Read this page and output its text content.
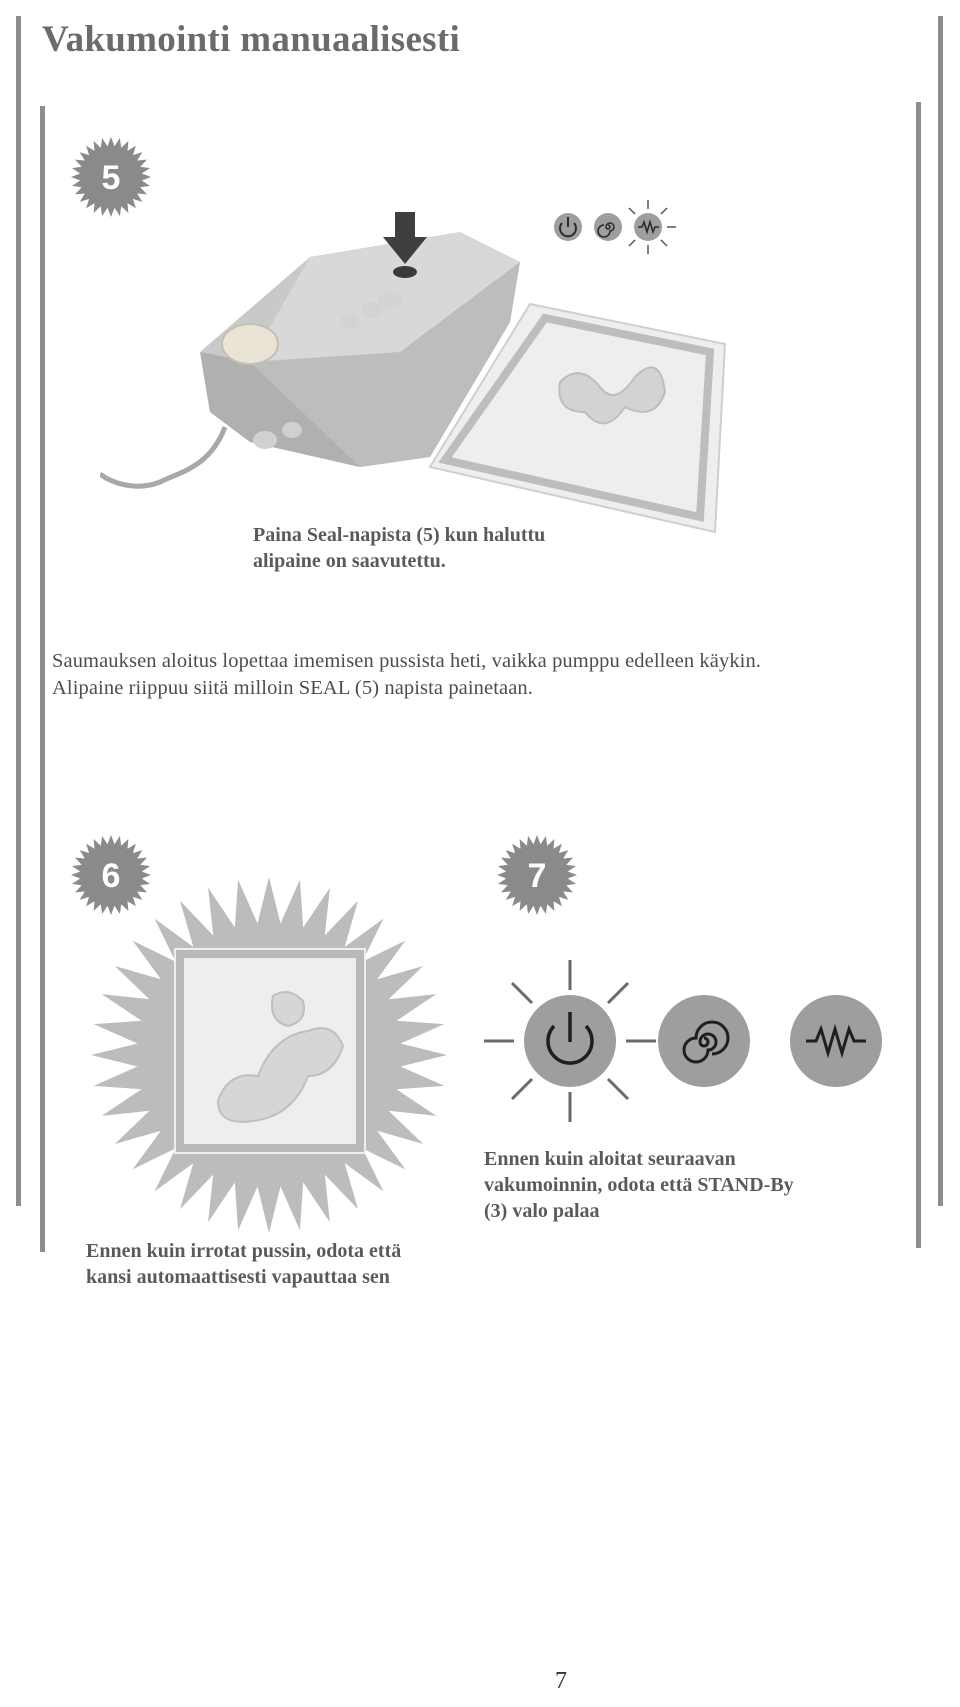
Vakumointi manuaalisesti
5
Paina Seal-napista (5) kun haluttu
alipaine on saavutettu.
Saumauksen aloitus lopettaa imemisen pussista heti, vaikka pumppu edelleen käykin.
Alipaine riippuu siitä milloin SEAL (5) napista painetaan.
6	7
Ennen kuin aloitat seuraavan
vakumoinnin, odota että STAND-By
(3) valo palaa
Ennen kuin irrotat pussin, odota että
kansi automaattisesti vapauttaa sen
7
